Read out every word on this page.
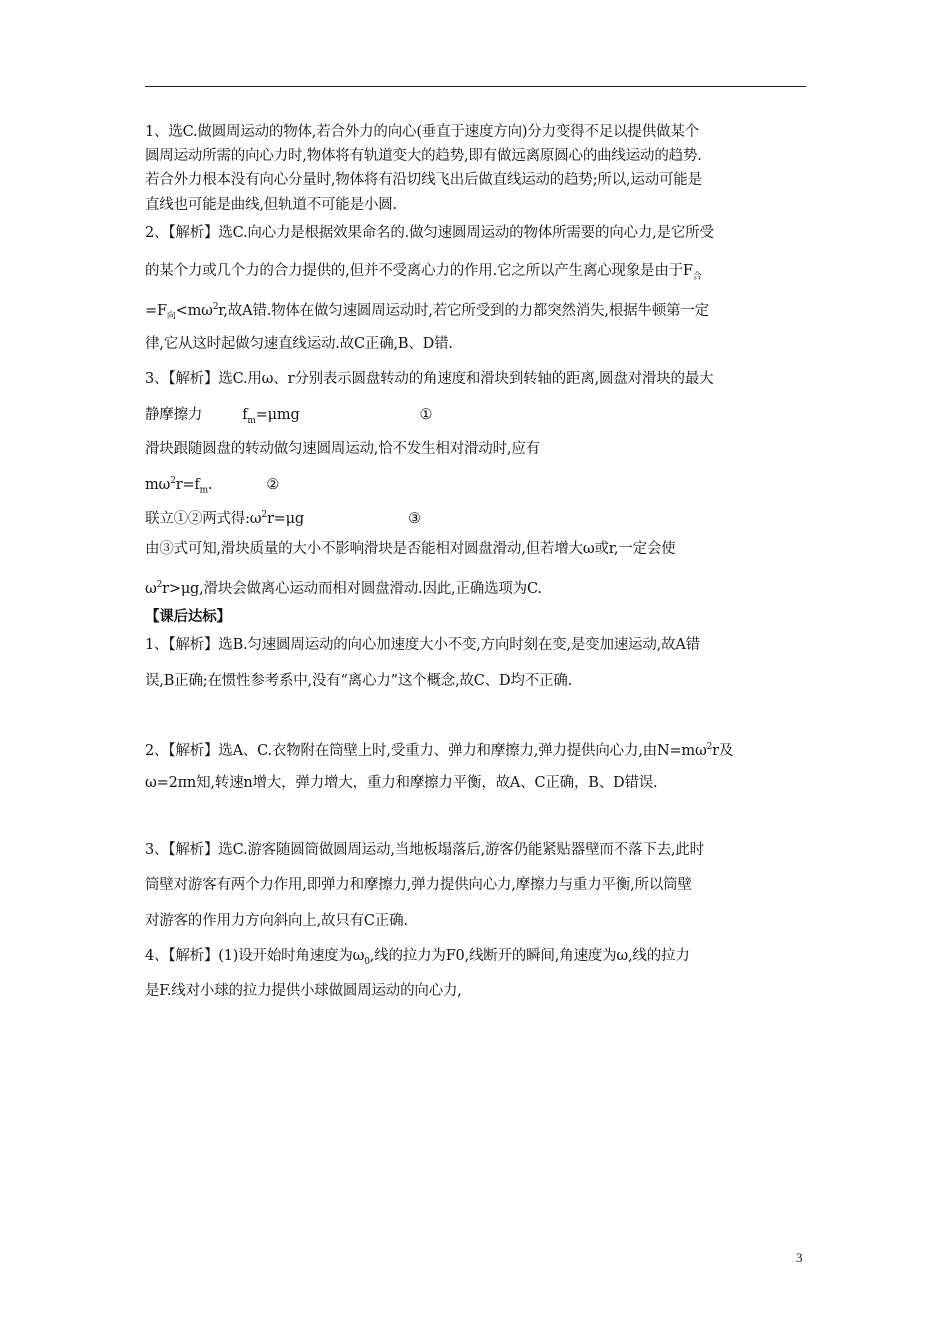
1、选C.做圆周运动的物体,若合外力的向心(垂直于速度方向)分力变得不足以提供做某个
圆周运动所需的向心力时,物体将有轨道变大的趋势,即有做远离原圆心的曲线运动的趋势.
若合外力根本没有向心分量时,物体将有沿切线飞出后做直线运动的趋势;所以,运动可能是
直线也可能是曲线,但轨道不可能是小圆.
2、【解析】选C.向心力是根据效果命名的.做匀速圆周运动的物体所需要的向心力,是它所受
的某个力或几个力的合力提供的,但并不受离心力的作用.它之所以产生离心现象是由于$F_合$
$=F_向<m\omega^2r$,故A错.物体在做匀速圆周运动时,若它所受到的力都突然消失,根据牛顿第一定
律,它从这时起做匀速直线运动.故C正确,B、D错.
3、【解析】选C.用ω、r分别表示圆盘转动的角速度和滑块到转轴的距离,圆盘对滑块的最大
静摩擦力	$f_m=\mu mg$	①
滑块跟随圆盘的转动做匀速圆周运动,恰不发生相对滑动时,应有
$m\omega^2r=f_m$.	②
联立①②两式得$:\omega^2r=\mu g$	③
由③式可知,滑块质量的大小不影响滑块是否能相对圆盘滑动,但若增大ω或r,一定会使
$\omega^2r>\mu g$,滑块会做离心运动而相对圆盘滑动.因此,正确选项为C.
【课后达标】
1、【解析】选B.匀速圆周运动的向心加速度大小不变,方向时刻在变,是变加速运动,故A错
误,B正确;在惯性参考系中,没有“离心力”这个概念,故C、D均不正确.
2、【解析】选A、C.衣物附在筒壁上时,受重力、弹力和摩擦力,弹力提供向心力,由$N=m\omega^2r$及
ω=2πn知,转速n增大，弹力增大，重力和摩擦力平衡，故A、C正确，B、D错误.
3、【解析】选C.游客随圆筒做圆周运动,当地板塌落后,游客仍能紧贴器壁而不落下去,此时
筒壁对游客有两个力作用,即弹力和摩擦力,弹力提供向心力,摩擦力与重力平衡,所以筒壁
对游客的作用力方向斜向上,故只有C正确.
4、【解析】(1)设开始时角速度为$\omega_0$,线的拉力为F0,线断开的瞬间,角速度为ω,线的拉力
是F.线对小球的拉力提供小球做圆周运动的向心力,
3
